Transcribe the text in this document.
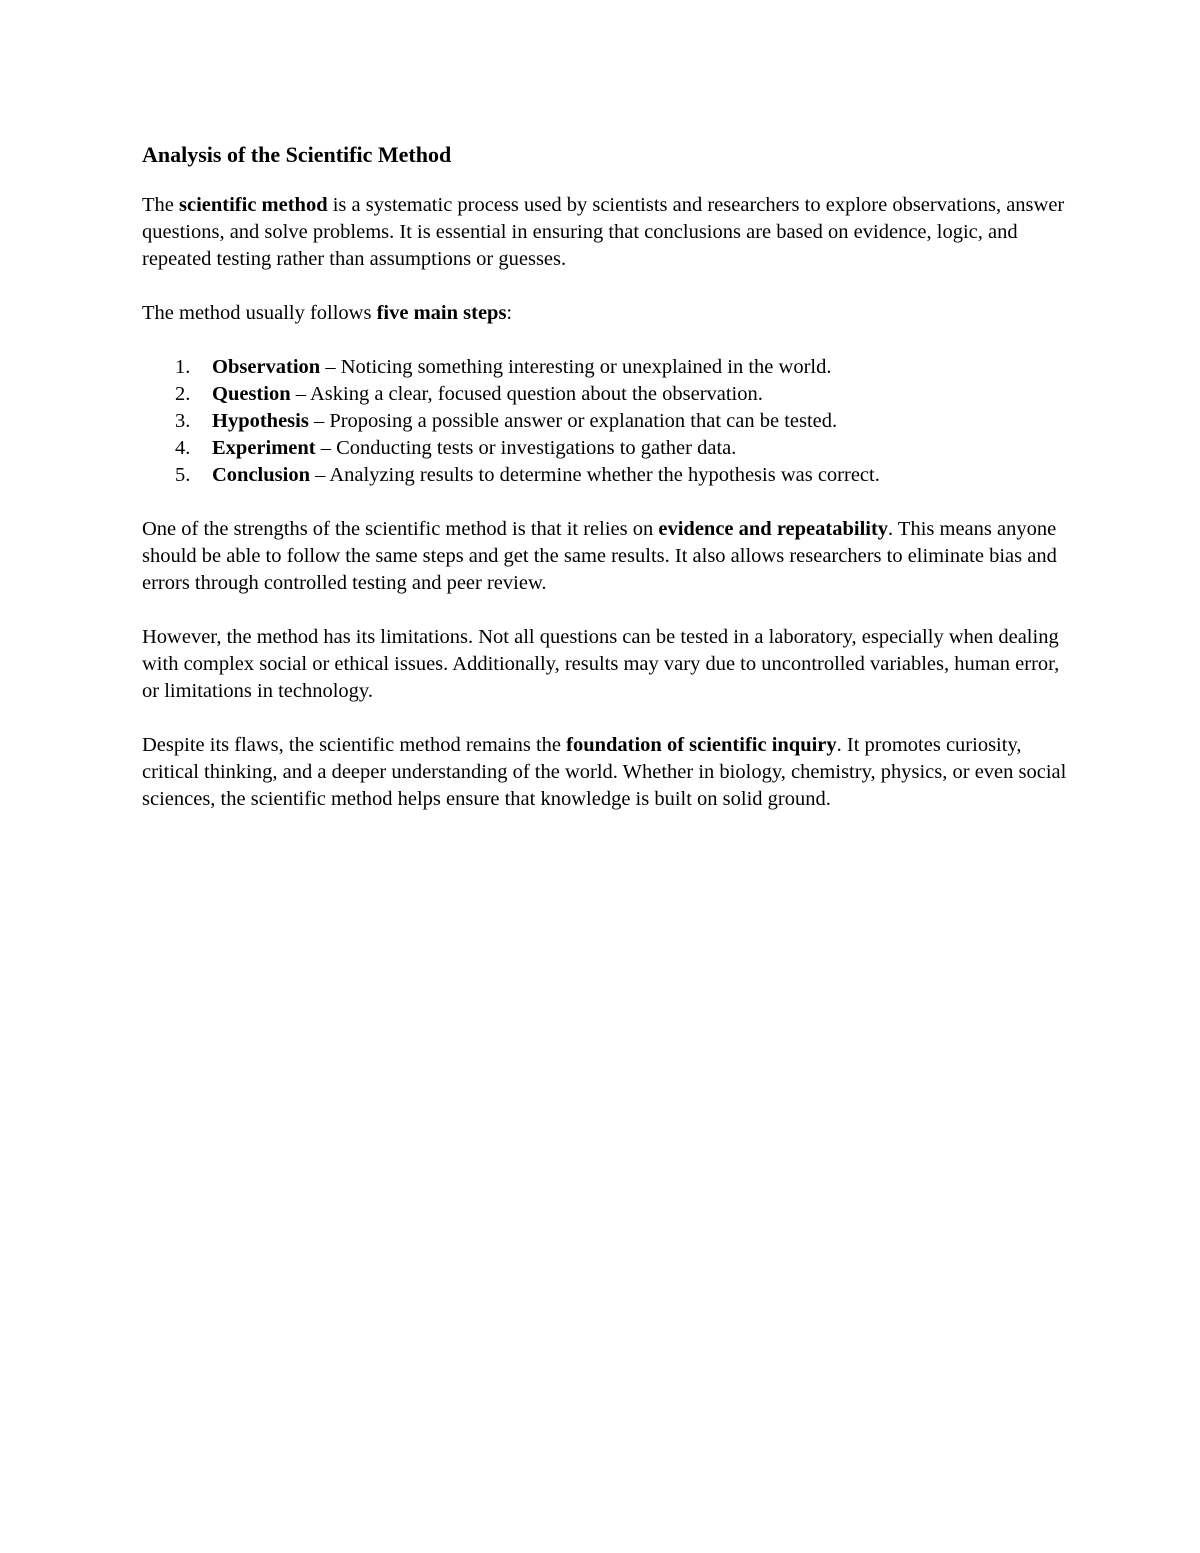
Analysis of the Scientific Method

The scientific method is a systematic process used by scientists and researchers to explore observations, answer questions, and solve problems. It is essential in ensuring that conclusions are based on evidence, logic, and repeated testing rather than assumptions or guesses.

The method usually follows five main steps:

1.	Observation – Noticing something interesting or unexplained in the world.
2.	Question – Asking a clear, focused question about the observation.
3.	Hypothesis – Proposing a possible answer or explanation that can be tested.
4.	Experiment – Conducting tests or investigations to gather data.
5.	Conclusion – Analyzing results to determine whether the hypothesis was correct.

One of the strengths of the scientific method is that it relies on evidence and repeatability. This means anyone should be able to follow the same steps and get the same results. It also allows researchers to eliminate bias and errors through controlled testing and peer review.

However, the method has its limitations. Not all questions can be tested in a laboratory, especially when dealing with complex social or ethical issues. Additionally, results may vary due to uncontrolled variables, human error, or limitations in technology.

Despite its flaws, the scientific method remains the foundation of scientific inquiry. It promotes curiosity, critical thinking, and a deeper understanding of the world. Whether in biology, chemistry, physics, or even social sciences, the scientific method helps ensure that knowledge is built on solid ground.
